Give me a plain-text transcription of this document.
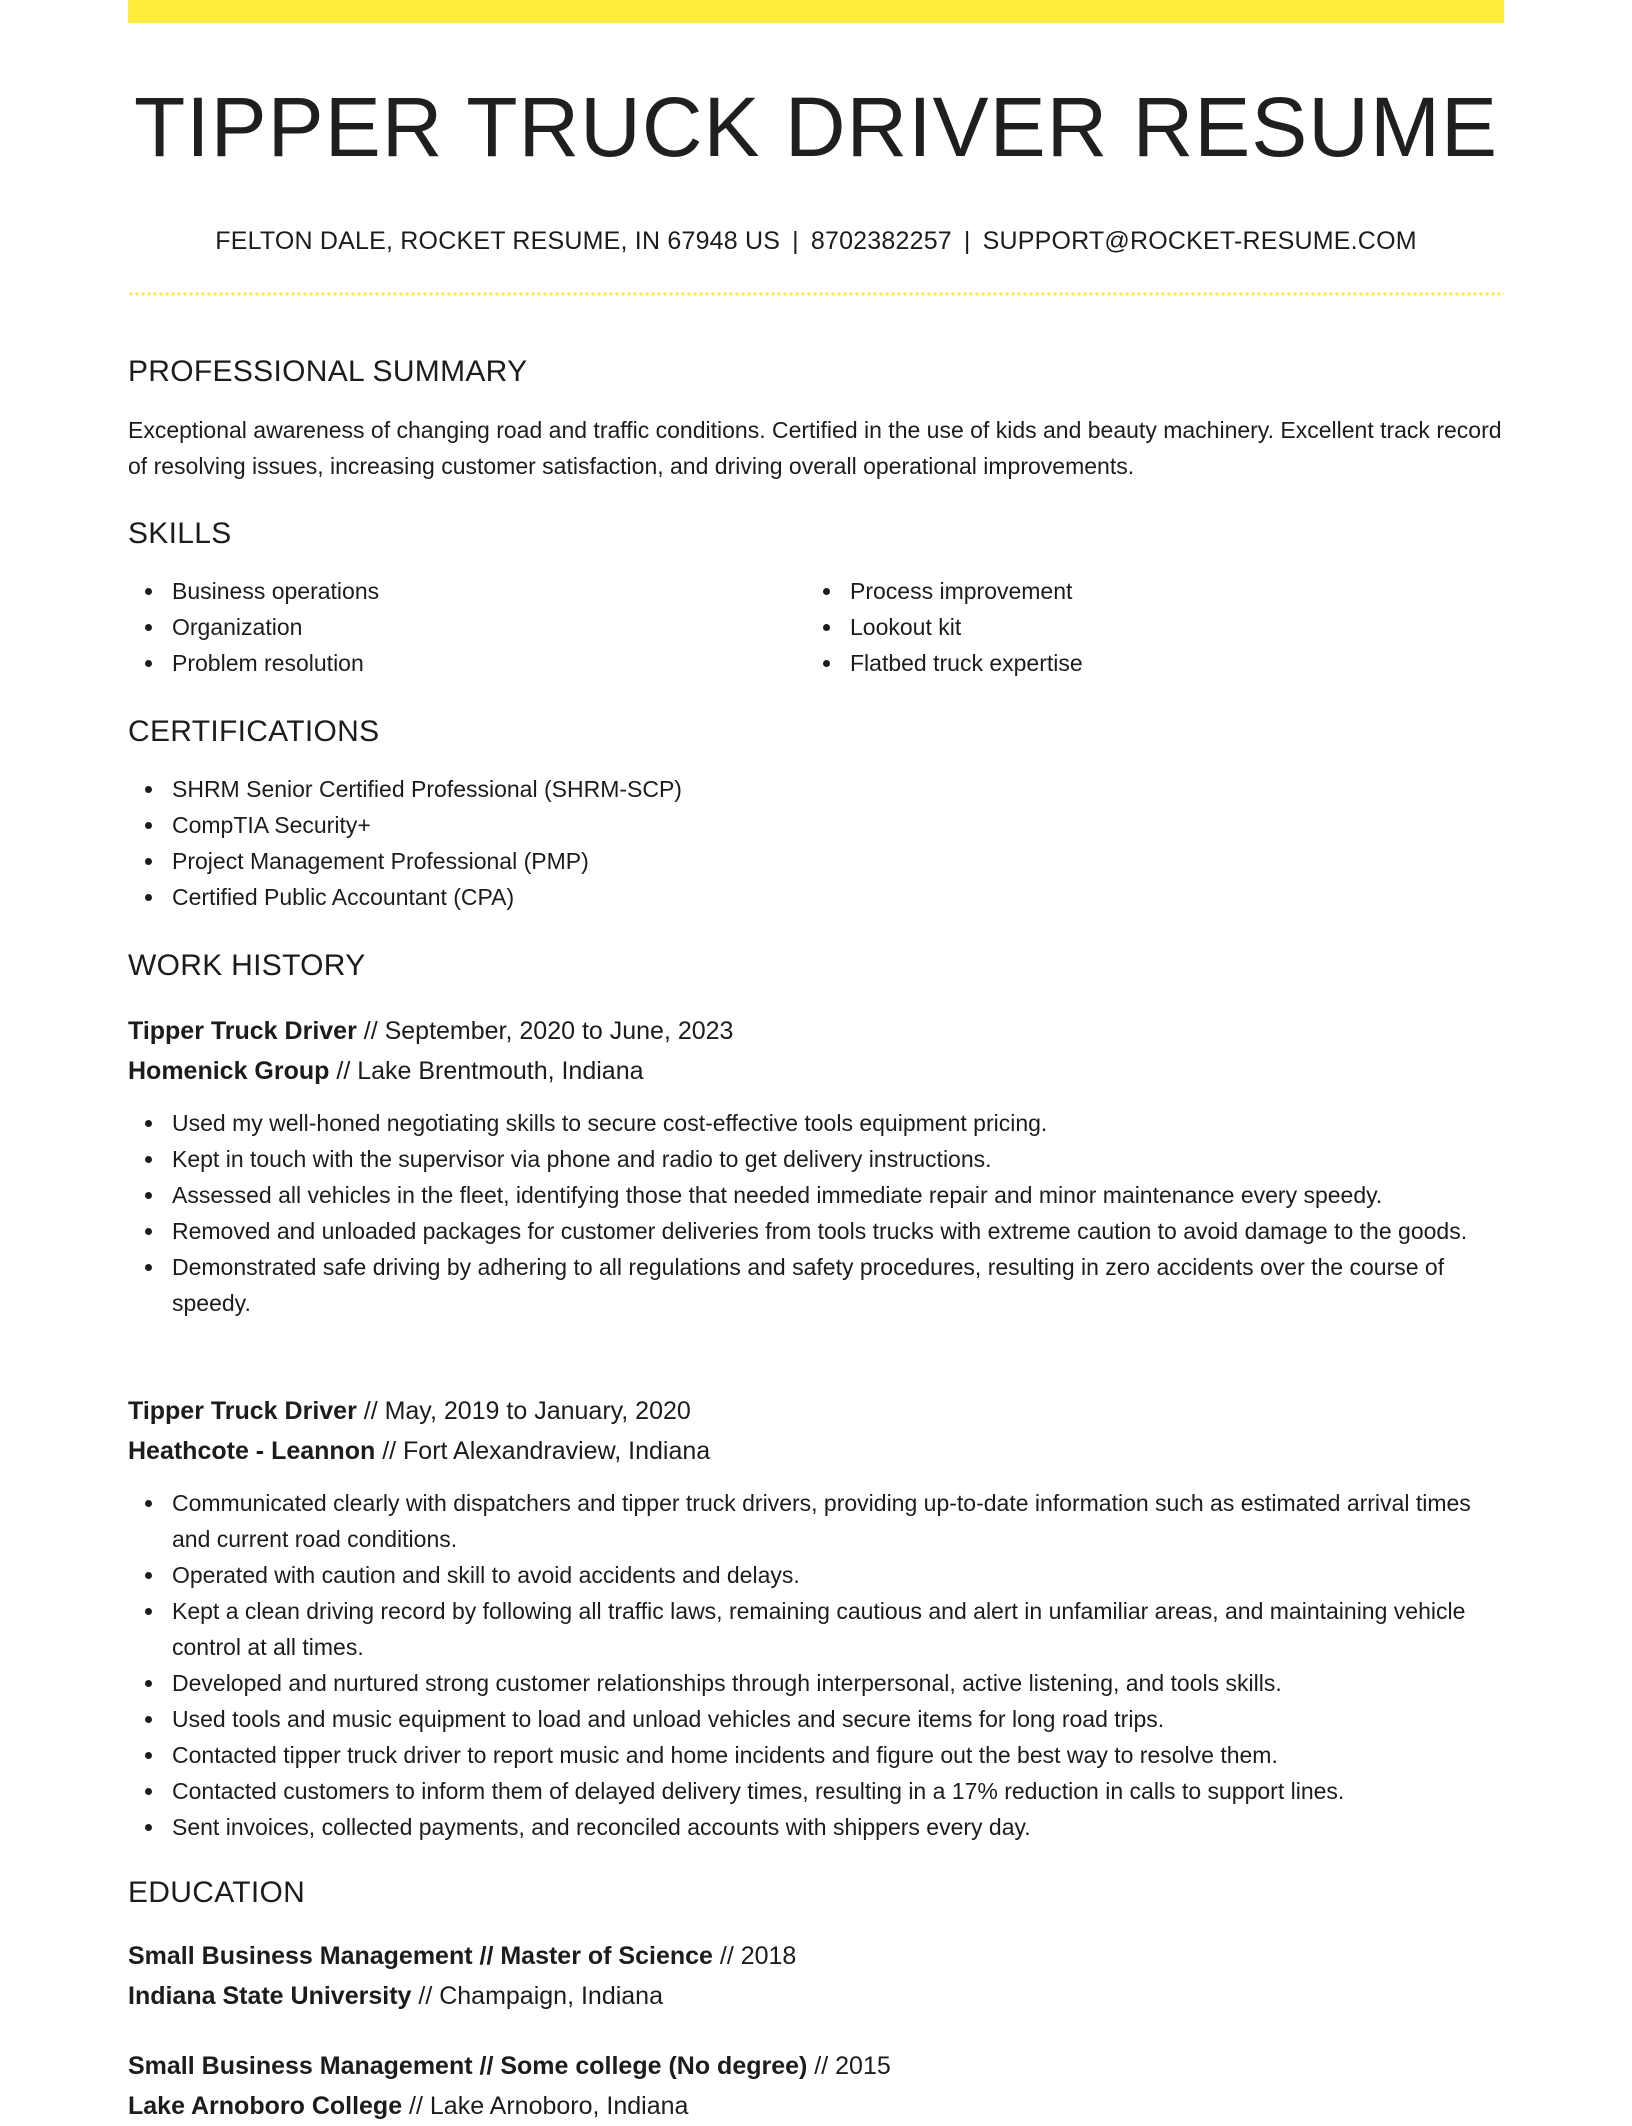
TIPPER TRUCK DRIVER RESUME
FELTON DALE, ROCKET RESUME, IN 67948 US | 8702382257 | SUPPORT@ROCKET-RESUME.COM
PROFESSIONAL SUMMARY

Exceptional awareness of changing road and traffic conditions. Certified in the use of kids and beauty machinery. Excellent track record of resolving issues, increasing customer satisfaction, and driving overall operational improvements.

SKILLS
Business operations
Organization
Problem resolution
Process improvement
Lookout kit
Flatbed truck expertise
CERTIFICATIONS
SHRM Senior Certified Professional (SHRM-SCP)
CompTIA Security+
Project Management Professional (PMP)
Certified Public Accountant (CPA)
WORK HISTORY

Tipper Truck Driver // September, 2020 to June, 2023

Homenick Group // Lake Brentmouth, Indiana

Used my well-honed negotiating skills to secure cost-effective tools equipment pricing.
Kept in touch with the supervisor via phone and radio to get delivery instructions.
Assessed all vehicles in the fleet, identifying those that needed immediate repair and minor maintenance every speedy.
Removed and unloaded packages for customer deliveries from tools trucks with extreme caution to avoid damage to the goods.
Demonstrated safe driving by adhering to all regulations and safety procedures, resulting in zero accidents over the course of speedy.

Tipper Truck Driver // May, 2019 to January, 2020

Heathcote - Leannon // Fort Alexandraview, Indiana

Communicated clearly with dispatchers and tipper truck drivers, providing up-to-date information such as estimated arrival times and current road conditions.
Operated with caution and skill to avoid accidents and delays.
Kept a clean driving record by following all traffic laws, remaining cautious and alert in unfamiliar areas, and maintaining vehicle control at all times.
Developed and nurtured strong customer relationships through interpersonal, active listening, and tools skills.
Used tools and music equipment to load and unload vehicles and secure items for long road trips.
Contacted tipper truck driver to report music and home incidents and figure out the best way to resolve them.
Contacted customers to inform them of delayed delivery times, resulting in a 17% reduction in calls to support lines.
Sent invoices, collected payments, and reconciled accounts with shippers every day.
EDUCATION

Small Business Management // Master of Science // 2018

Indiana State University // Champaign, Indiana

Small Business Management // Some college (No degree) // 2015

Lake Arnoboro College // Lake Arnoboro, Indiana
